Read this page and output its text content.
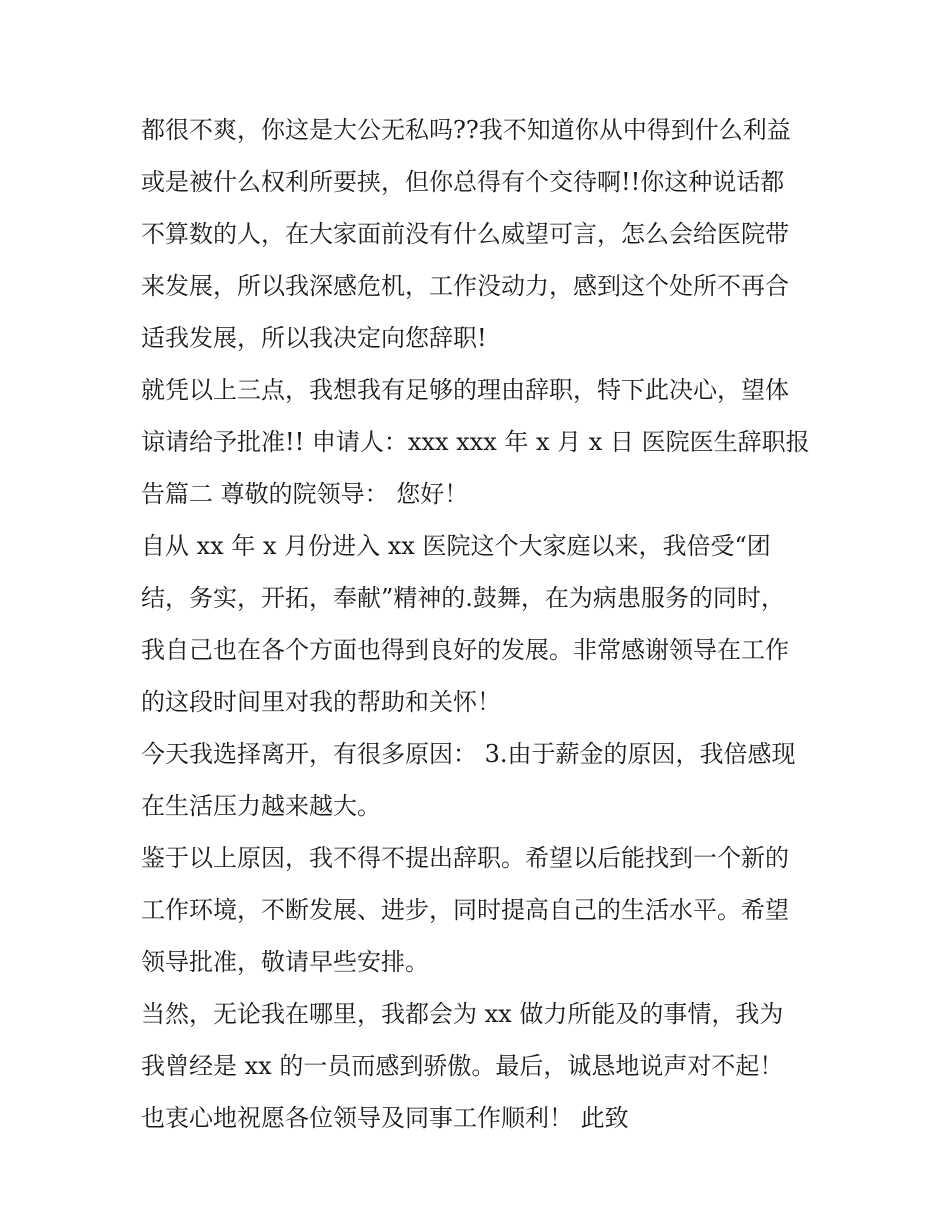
都很不爽，你这是大公无私吗??我不知道你从中得到什么利益
或是被什么权利所要挟，但你总得有个交待啊!!你这种说话都
不算数的人，在大家面前没有什么威望可言，怎么会给医院带
来发展，所以我深感危机，工作没动力，感到这个处所不再合
适我发展，所以我决定向您辞职!
就凭以上三点，我想我有足够的理由辞职，特下此决心，望体
谅请给予批准!! 申请人：xxx xxx 年 x 月 x 日 医院医生辞职报
告篇二 尊敬的院领导： 您好！
自从 xx 年 x 月份进入 xx 医院这个大家庭以来，我倍受“团
结，务实，开拓，奉献”精神的.鼓舞，在为病患服务的同时，
我自己也在各个方面也得到良好的发展。非常感谢领导在工作
的这段时间里对我的帮助和关怀！
今天我选择离开，有很多原因： 3.由于薪金的原因，我倍感现
在生活压力越来越大。
鉴于以上原因，我不得不提出辞职。希望以后能找到一个新的
工作环境，不断发展、进步，同时提高自己的生活水平。希望
领导批准，敬请早些安排。
当然，无论我在哪里，我都会为 xx 做力所能及的事情，我为
我曾经是 xx 的一员而感到骄傲。最后，诚恳地说声对不起！
也衷心地祝愿各位领导及同事工作顺利！ 此致
